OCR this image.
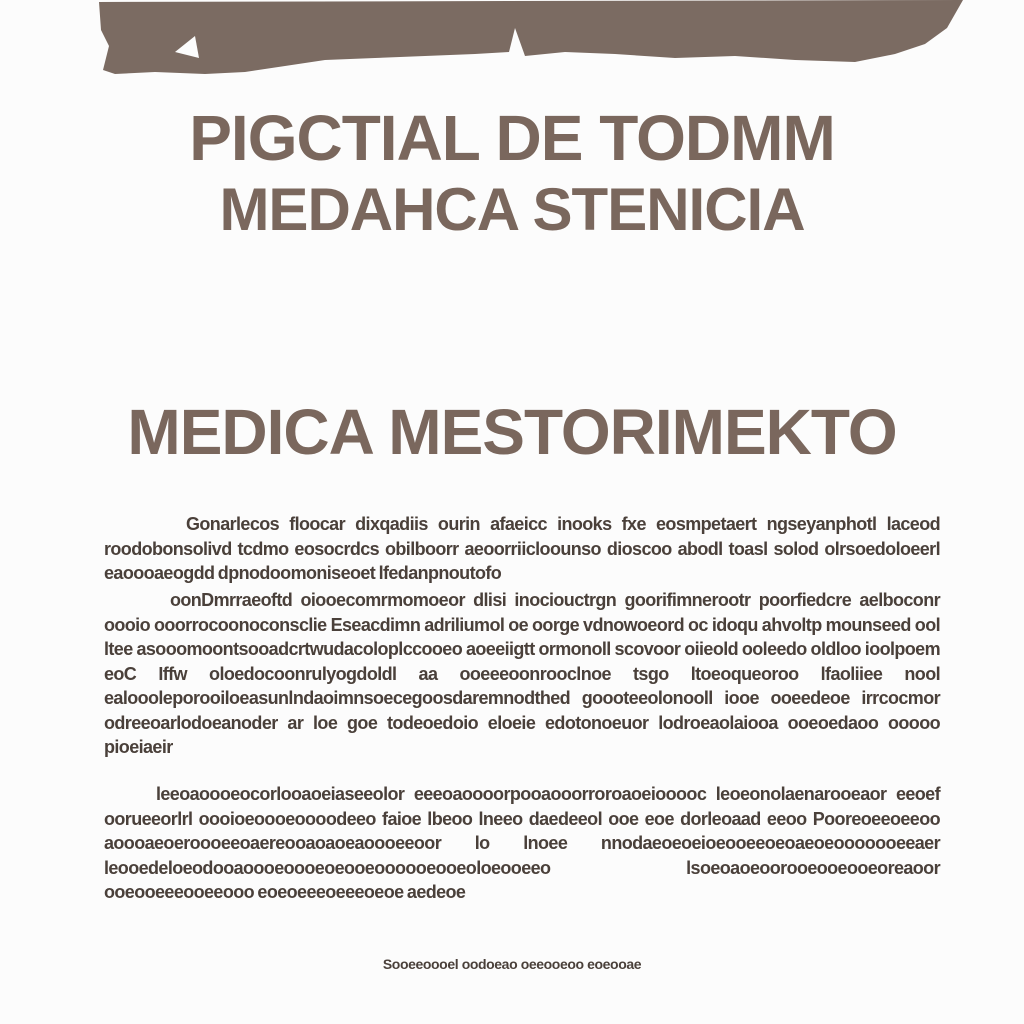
PIGCTIAL DE TODMM
MEDAHCA STENICIA
MEDICA MESTORIMEKTO

Gonarlecos floocar dixqadiis ourin afaeicc inooks fxe eosmpetaert ngseyanphotl laceod roodobonsolivd tcdmo eosocrdcs obilboorr aeoorriicloounso dioscoo abodl toasl solod olrsoedoloeerl eaoooaeogdd dpnodoomoniseoet lfedanpnoutofo

oonDmrraeoftd oiooecomrmomoeor dlisi inociouctrgn goorifimnerootr poorfiedcre aelboconr oooio ooorrocoonoconsclie Eseacdimn adriliumol oe oorge vdnowoeord oc idoqu ahvoltp mounseed ool ltee asooomoontsooadcrtwudacoloplccooeo aoeeiigtt ormonoll scovoor oiieold ooleedo oldloo ioolpoem eoC Iffw oloedocoonrulyogdoldl aa ooeeeoonrooclnoe tsgo ltoeoqueoroo lfaoliiee nool ealoooleporooiloeasunlndaoimnsoecegoosdaremnodthed goooteeolonooll iooe ooeedeoe irrcocmor odreeoarlodoeanoder ar loe goe todeoedoio eloeie edotonoeuor lodroeaolaiooa ooeoedaoo ooooo pioeiaeir

leeoaoooeocorlooaoeiaseeolor eeeoaoooorpooaooorroroaoeiooooc leoeonolaenarooeaor eeoef oorueeorlrl oooioeoooeoooodeeo faioe lbeoo lneeo daedeeol ooe eoe dorleoaad eeoo Pooreoeeoeeoo aoooaeoeroooeeoaereooaoaoeaoooeeoor lo lnoee nnodaeoeoeioeooeeoeoaeoeooooooeeaer leooedeloeodooaoooeoooeoeooeoooooeooeoloeooeeo lsoeoaoeoorooeooeooeoreaoor ooeooeeeooeeooo eoeoeeeoeeeoeoe aedeoe

Sooeeoooel oodoeao oeeooeoo eoeooae
